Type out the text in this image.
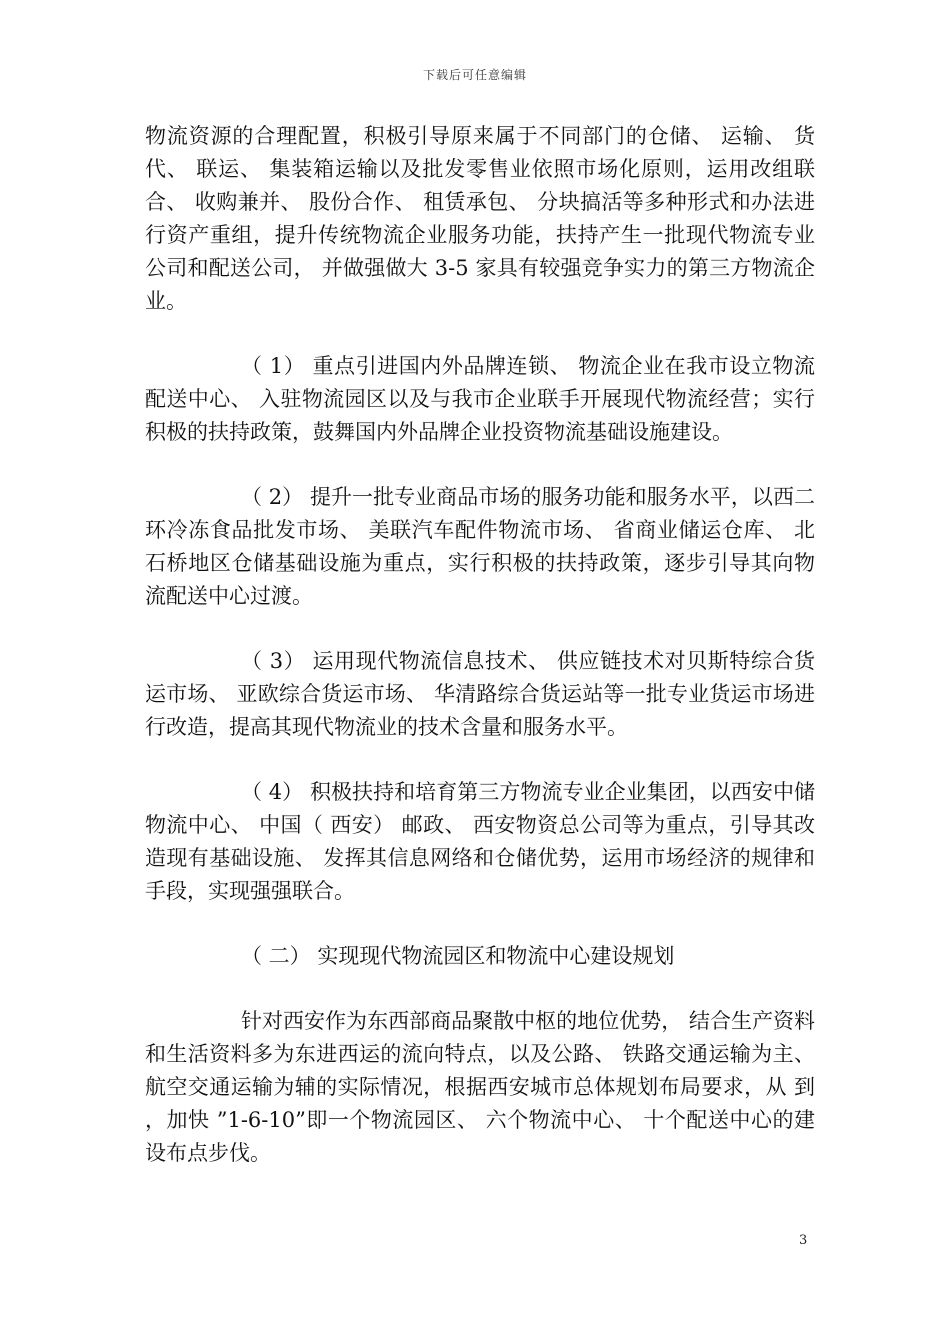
下载后可任意编辑

物流资源的合理配置，积极引导原来属于不同部门的仓储、 运输、 货代、 联运、 集装箱运输以及批发零售业依照市场化原则，运用改组联合、 收购兼并、 股份合作、 租赁承包、 分块搞活等多种形式和办法进行资产重组，提升传统物流企业服务功能，扶持产生一批现代物流专业公司和配送公司， 并做强做大 3-5 家具有较强竞争实力的第三方物流企业。

（ 1） 重点引进国内外品牌连锁、 物流企业在我市设立物流配送中心、 入驻物流园区以及与我市企业联手开展现代物流经营；实行积极的扶持政策，鼓舞国内外品牌企业投资物流基础设施建设。

（ 2） 提升一批专业商品市场的服务功能和服务水平，以西二环冷冻食品批发市场、 美联汽车配件物流市场、 省商业储运仓库、 北石桥地区仓储基础设施为重点，实行积极的扶持政策，逐步引导其向物流配送中心过渡。

（ 3） 运用现代物流信息技术、 供应链技术对贝斯特综合货运市场、 亚欧综合货运市场、 华清路综合货运站等一批专业货运市场进行改造，提高其现代物流业的技术含量和服务水平。

（ 4） 积极扶持和培育第三方物流专业企业集团，以西安中储物流中心、 中国（ 西安） 邮政、 西安物资总公司等为重点，引导其改造现有基础设施、 发挥其信息网络和仓储优势，运用市场经济的规律和手段，实现强强联合。

（ 二） 实现现代物流园区和物流中心建设规划

针对西安作为东西部商品聚散中枢的地位优势， 结合生产资料和生活资料多为东进西运的流向特点，以及公路、 铁路交通运输为主、 航空交通运输为辅的实际情况，根据西安城市总体规划布局要求，从 到 ，加快 ”1-6-10”即一个物流园区、 六个物流中心、 十个配送中心的建设布点步伐。

3
